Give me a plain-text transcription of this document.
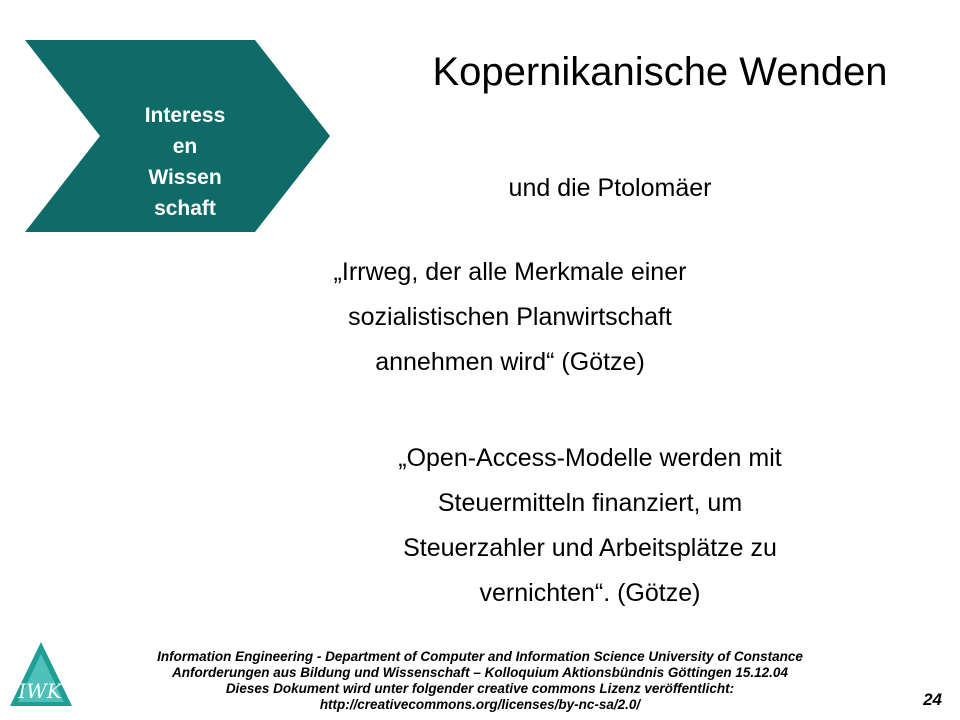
Interess
en
Wissen
schaft
Kopernikanische Wenden
und die Ptolomäer
„Irrweg, der alle Merkmale einer
sozialistischen Planwirtschaft
annehmen wird“ (Götze)
„Open-Access-Modelle werden mit
Steuermitteln finanziert, um
Steuerzahler und Arbeitsplätze zu
vernichten“. (Götze)
IWK
Information Engineering - Department of Computer and Information Science University of Constance
Anforderungen aus Bildung und Wissenschaft – Kolloquium Aktionsbündnis Göttingen 15.12.04
Dieses Dokument wird unter folgender creative commons Lizenz veröffentlicht:
http://creativecommons.org/licenses/by-nc-sa/2.0/	24
